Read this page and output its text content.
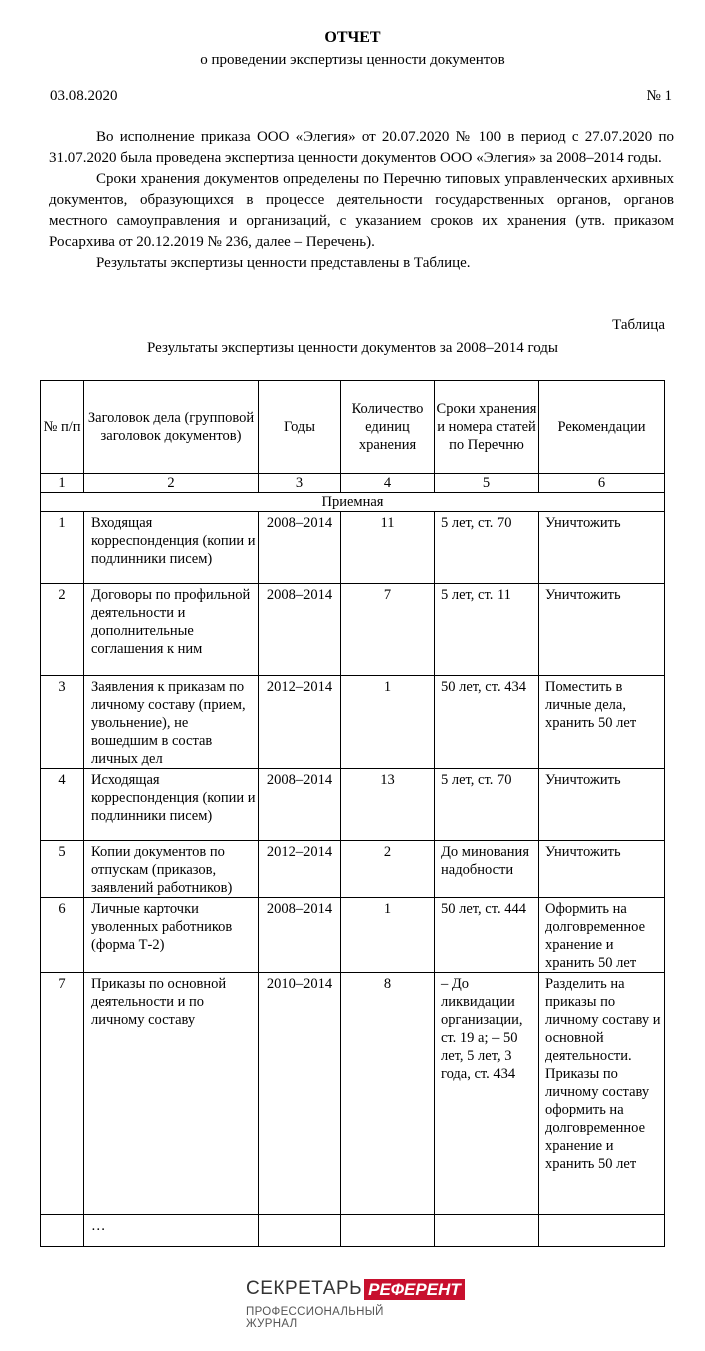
ОТЧЕТ
о проведении экспертизы ценности документов
03.08.2020	№ 1

Во исполнение приказа ООО «Элегия» от 20.07.2020 № 100 в период с 27.07.2020 по 31.07.2020 была проведена экспертиза ценности документов ООО «Элегия» за 2008–2014 годы.

Сроки хранения документов определены по Перечню типовых управленческих архивных документов, образующихся в процессе деятельности государственных органов, органов местного самоуправления и организаций, с указанием сроков их хранения (утв. приказом Росархива от 20.12.2019 № 236, далее – Перечень).

Результаты экспертизы ценности представлены в Таблице.

Таблица
Результаты экспертизы ценности документов за 2008–2014 годы
№ п/п	Заголовок дела (групповой заголовок документов)	Годы	Количество единиц хранения	Сроки хранения и номера статей по Перечню	Рекомендации
1	2	3	4	5	6
Приемная					

1	Входящая корреспонденция (копии и подлинники писем)	2008–2014	11	5 лет, ст. 70	Уничтожить

2	Договоры по профильной деятельности и дополнительные соглашения к ним	2008–2014	7	5 лет, ст. 11	Уничтожить

3	Заявления к приказам по личному составу (прием, увольнение), не вошедшим в состав личных дел	2012–2014	1	50 лет, ст. 434	Поместить в личные дела, хранить 50 лет

4	Исходящая корреспонденция (копии и подлинники писем)	2008–2014	13	5 лет, ст. 70	Уничтожить

5	Копии документов по отпускам (приказов, заявлений работников)	2012–2014	2	До минования надобности	Уничтожить

6	Личные карточки уволенных работников (форма Т-2)	2008–2014	1	50 лет, ст. 444	Оформить на долговременное хранение и хранить 50 лет

7	Приказы по основной деятельности и по личному составу	2010–2014	8	– До ликвидации организации, ст. 19 а; – 50 лет, 5 лет, 3 года, ст. 434	Разделить на приказы по личному составу и основной деятельности. Приказы по личному составу оформить на долговременное хранение и хранить 50 лет

	…				

СЕКРЕТАРЬ РЕФЕРЕНТ
ПРОФЕССИОНАЛЬНЫЙ ЖУРНАЛ
